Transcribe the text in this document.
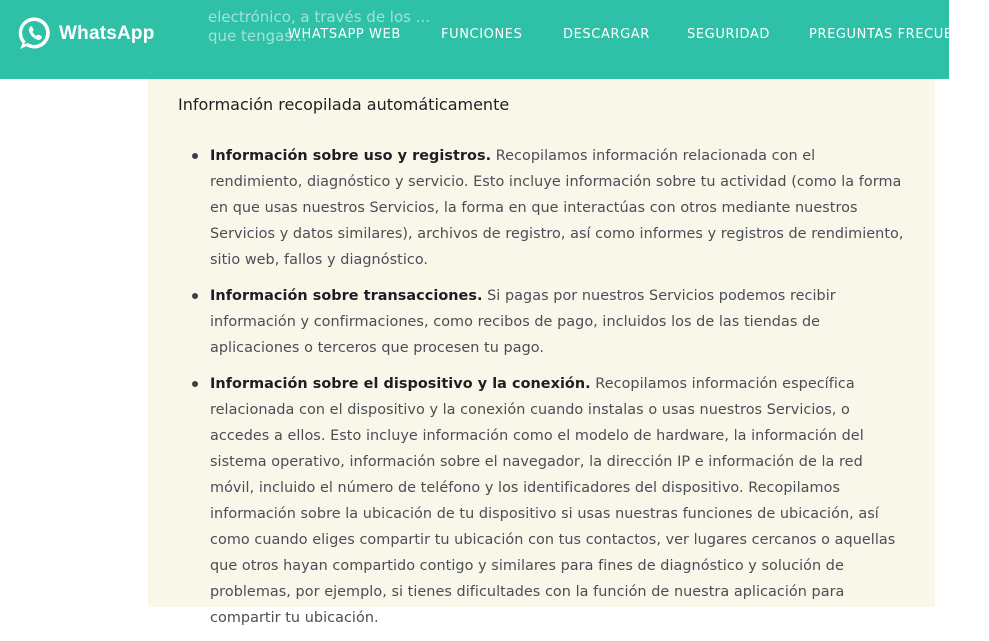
electrónico, a través de los ...
que tengas...
WhatsApp	WHATSAPP WEB	FUNCIONES	DESCARGAR	SEGURIDAD	PREGUNTAS FRECUENTES
Información recopilada automáticamente
Información sobre uso y registros. Recopilamos información relacionada con el rendimiento, diagnóstico y servicio. Esto incluye información sobre tu actividad (como la forma en que usas nuestros Servicios, la forma en que interactúas con otros mediante nuestros Servicios y datos similares), archivos de registro, así como informes y registros de rendimiento, sitio web, fallos y diagnóstico.
Información sobre transacciones. Si pagas por nuestros Servicios podemos recibir información y confirmaciones, como recibos de pago, incluidos los de las tiendas de aplicaciones o terceros que procesen tu pago.
Información sobre el dispositivo y la conexión. Recopilamos información específica relacionada con el dispositivo y la conexión cuando instalas o usas nuestros Servicios, o accedes a ellos. Esto incluye información como el modelo de hardware, la información del sistema operativo, información sobre el navegador, la dirección IP e información de la red móvil, incluido el número de teléfono y los identificadores del dispositivo. Recopilamos información sobre la ubicación de tu dispositivo si usas nuestras funciones de ubicación, así como cuando eliges compartir tu ubicación con tus contactos, ver lugares cercanos o aquellas que otros hayan compartido contigo y similares para fines de diagnóstico y solución de problemas, por ejemplo, si tienes dificultades con la función de nuestra aplicación para compartir tu ubicación.
